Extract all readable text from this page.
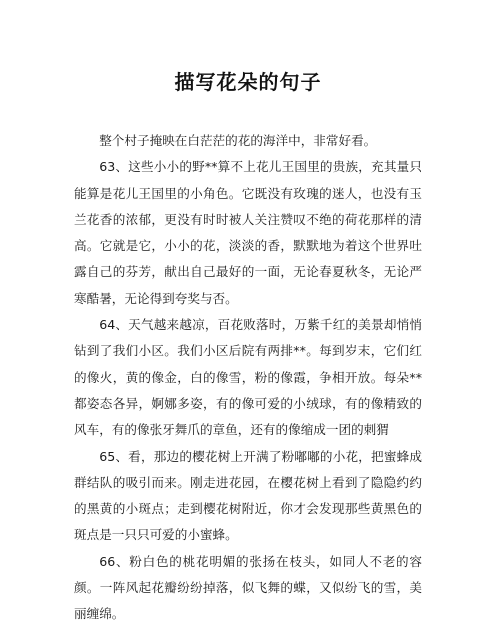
描写花朵的句子

整个村子掩映在白茫茫的花的海洋中，非常好看。

63、这些小小的野**算不上花儿王国里的贵族，充其量只能算是花儿王国里的小角色。它既没有玫瑰的迷人，也没有玉兰花香的浓郁，更没有时时被人关注赞叹不绝的荷花那样的清高。它就是它，小小的花，淡淡的香，默默地为着这个世界吐露自己的芬芳，献出自己最好的一面，无论春夏秋冬，无论严寒酷暑，无论得到夸奖与否。

64、天气越来越凉，百花败落时，万紫千红的美景却悄悄钻到了我们小区。我们小区后院有两排**。每到岁末，它们红的像火，黄的像金，白的像雪，粉的像霞，争相开放。每朵**都姿态各异，婀娜多姿，有的像可爱的小绒球，有的像精致的风车，有的像张牙舞爪的章鱼，还有的像缩成一团的刺猬

65、看，那边的樱花树上开满了粉嘟嘟的小花，把蜜蜂成群结队的吸引而来。刚走进花园，在樱花树上看到了隐隐约约的黑黄的小斑点；走到樱花树附近，你才会发现那些黄黑色的斑点是一只只可爱的小蜜蜂。

66、粉白色的桃花明媚的张扬在枝头，如同人不老的容颜。一阵风起花瓣纷纷掉落，似飞舞的蝶，又似纷飞的雪，美丽缠绵。
